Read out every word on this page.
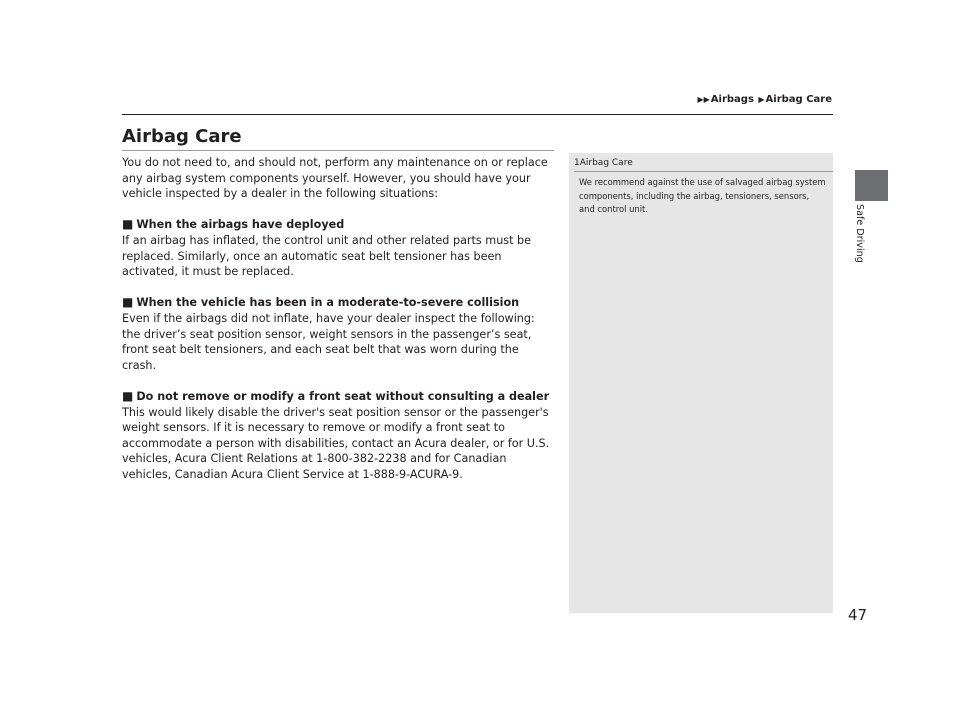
▶▶Airbags ▶Airbag Care
Airbag Care

You do not need to, and should not, perform any maintenance on or replace any airbag system components yourself. However, you should have your vehicle inspected by a dealer in the following situations:

■ When the airbags have deployed

If an airbag has inflated, the control unit and other related parts must be replaced. Similarly, once an automatic seat belt tensioner has been activated, it must be replaced.

■ When the vehicle has been in a moderate-to-severe collision

Even if the airbags did not inflate, have your dealer inspect the following: the driver’s seat position sensor, weight sensors in the passenger’s seat, front seat belt tensioners, and each seat belt that was worn during the crash.

■ Do not remove or modify a front seat without consulting a dealer

This would likely disable the driver's seat position sensor or the passenger's weight sensors. If it is necessary to remove or modify a front seat to accommodate a person with disabilities, contact an Acura dealer, or for U.S. vehicles, Acura Client Relations at 1-800-382-2238 and for Canadian vehicles, Canadian Acura Client Service at 1-888-9-ACURA-9.

1Airbag Care
We recommend against the use of salvaged airbag system components, including the airbag, tensioners, sensors, and control unit.	Safe Driving
47
